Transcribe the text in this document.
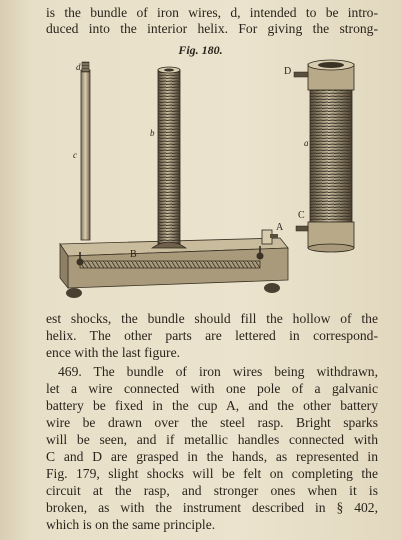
is the bundle of iron wires, d, intended to be intro-
duced into the interior helix. For giving the strong-
Fig. 180.
d
c
B
b
A
D
C
a
est shocks, the bundle should fill the hollow of the
helix. The other parts are lettered in correspond-
ence with the last figure.
469. The bundle of iron wires being withdrawn,
let a wire connected with one pole of a galvanic
battery be fixed in the cup A, and the other battery
wire be drawn over the steel rasp. Bright sparks
will be seen, and if metallic handles connected with
C and D are grasped in the hands, as represented in
Fig. 179, slight shocks will be felt on completing the
circuit at the rasp, and stronger ones when it is
broken, as with the instrument described in § 402,
which is on the same principle.
